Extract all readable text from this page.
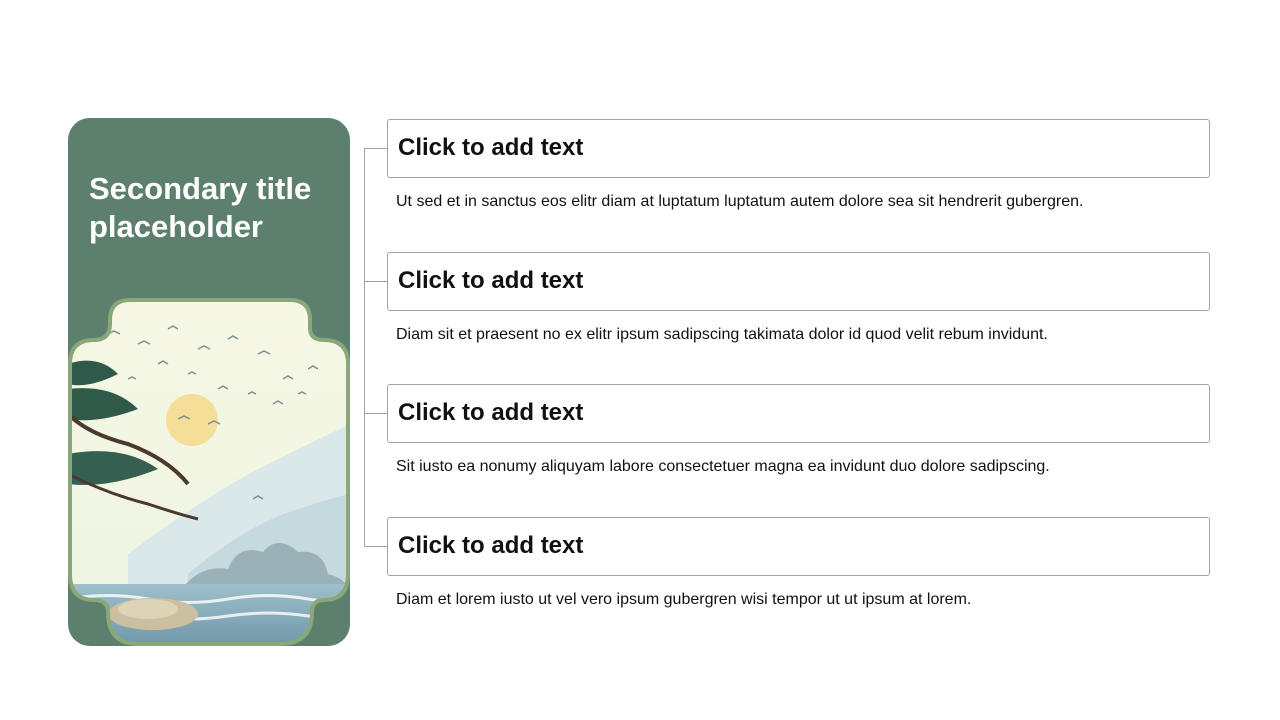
Secondary title placeholder
Click to add text
Ut sed et in sanctus eos elitr diam at luptatum luptatum autem dolore sea sit hendrerit gubergren.
Click to add text
Diam sit et praesent no ex elitr ipsum sadipscing takimata dolor id quod velit rebum invidunt.
Click to add text
Sit iusto ea nonumy aliquyam labore consectetuer magna ea invidunt duo dolore sadipscing.
Click to add text
Diam et lorem iusto ut vel vero ipsum gubergren wisi tempor ut ut ipsum at lorem.
